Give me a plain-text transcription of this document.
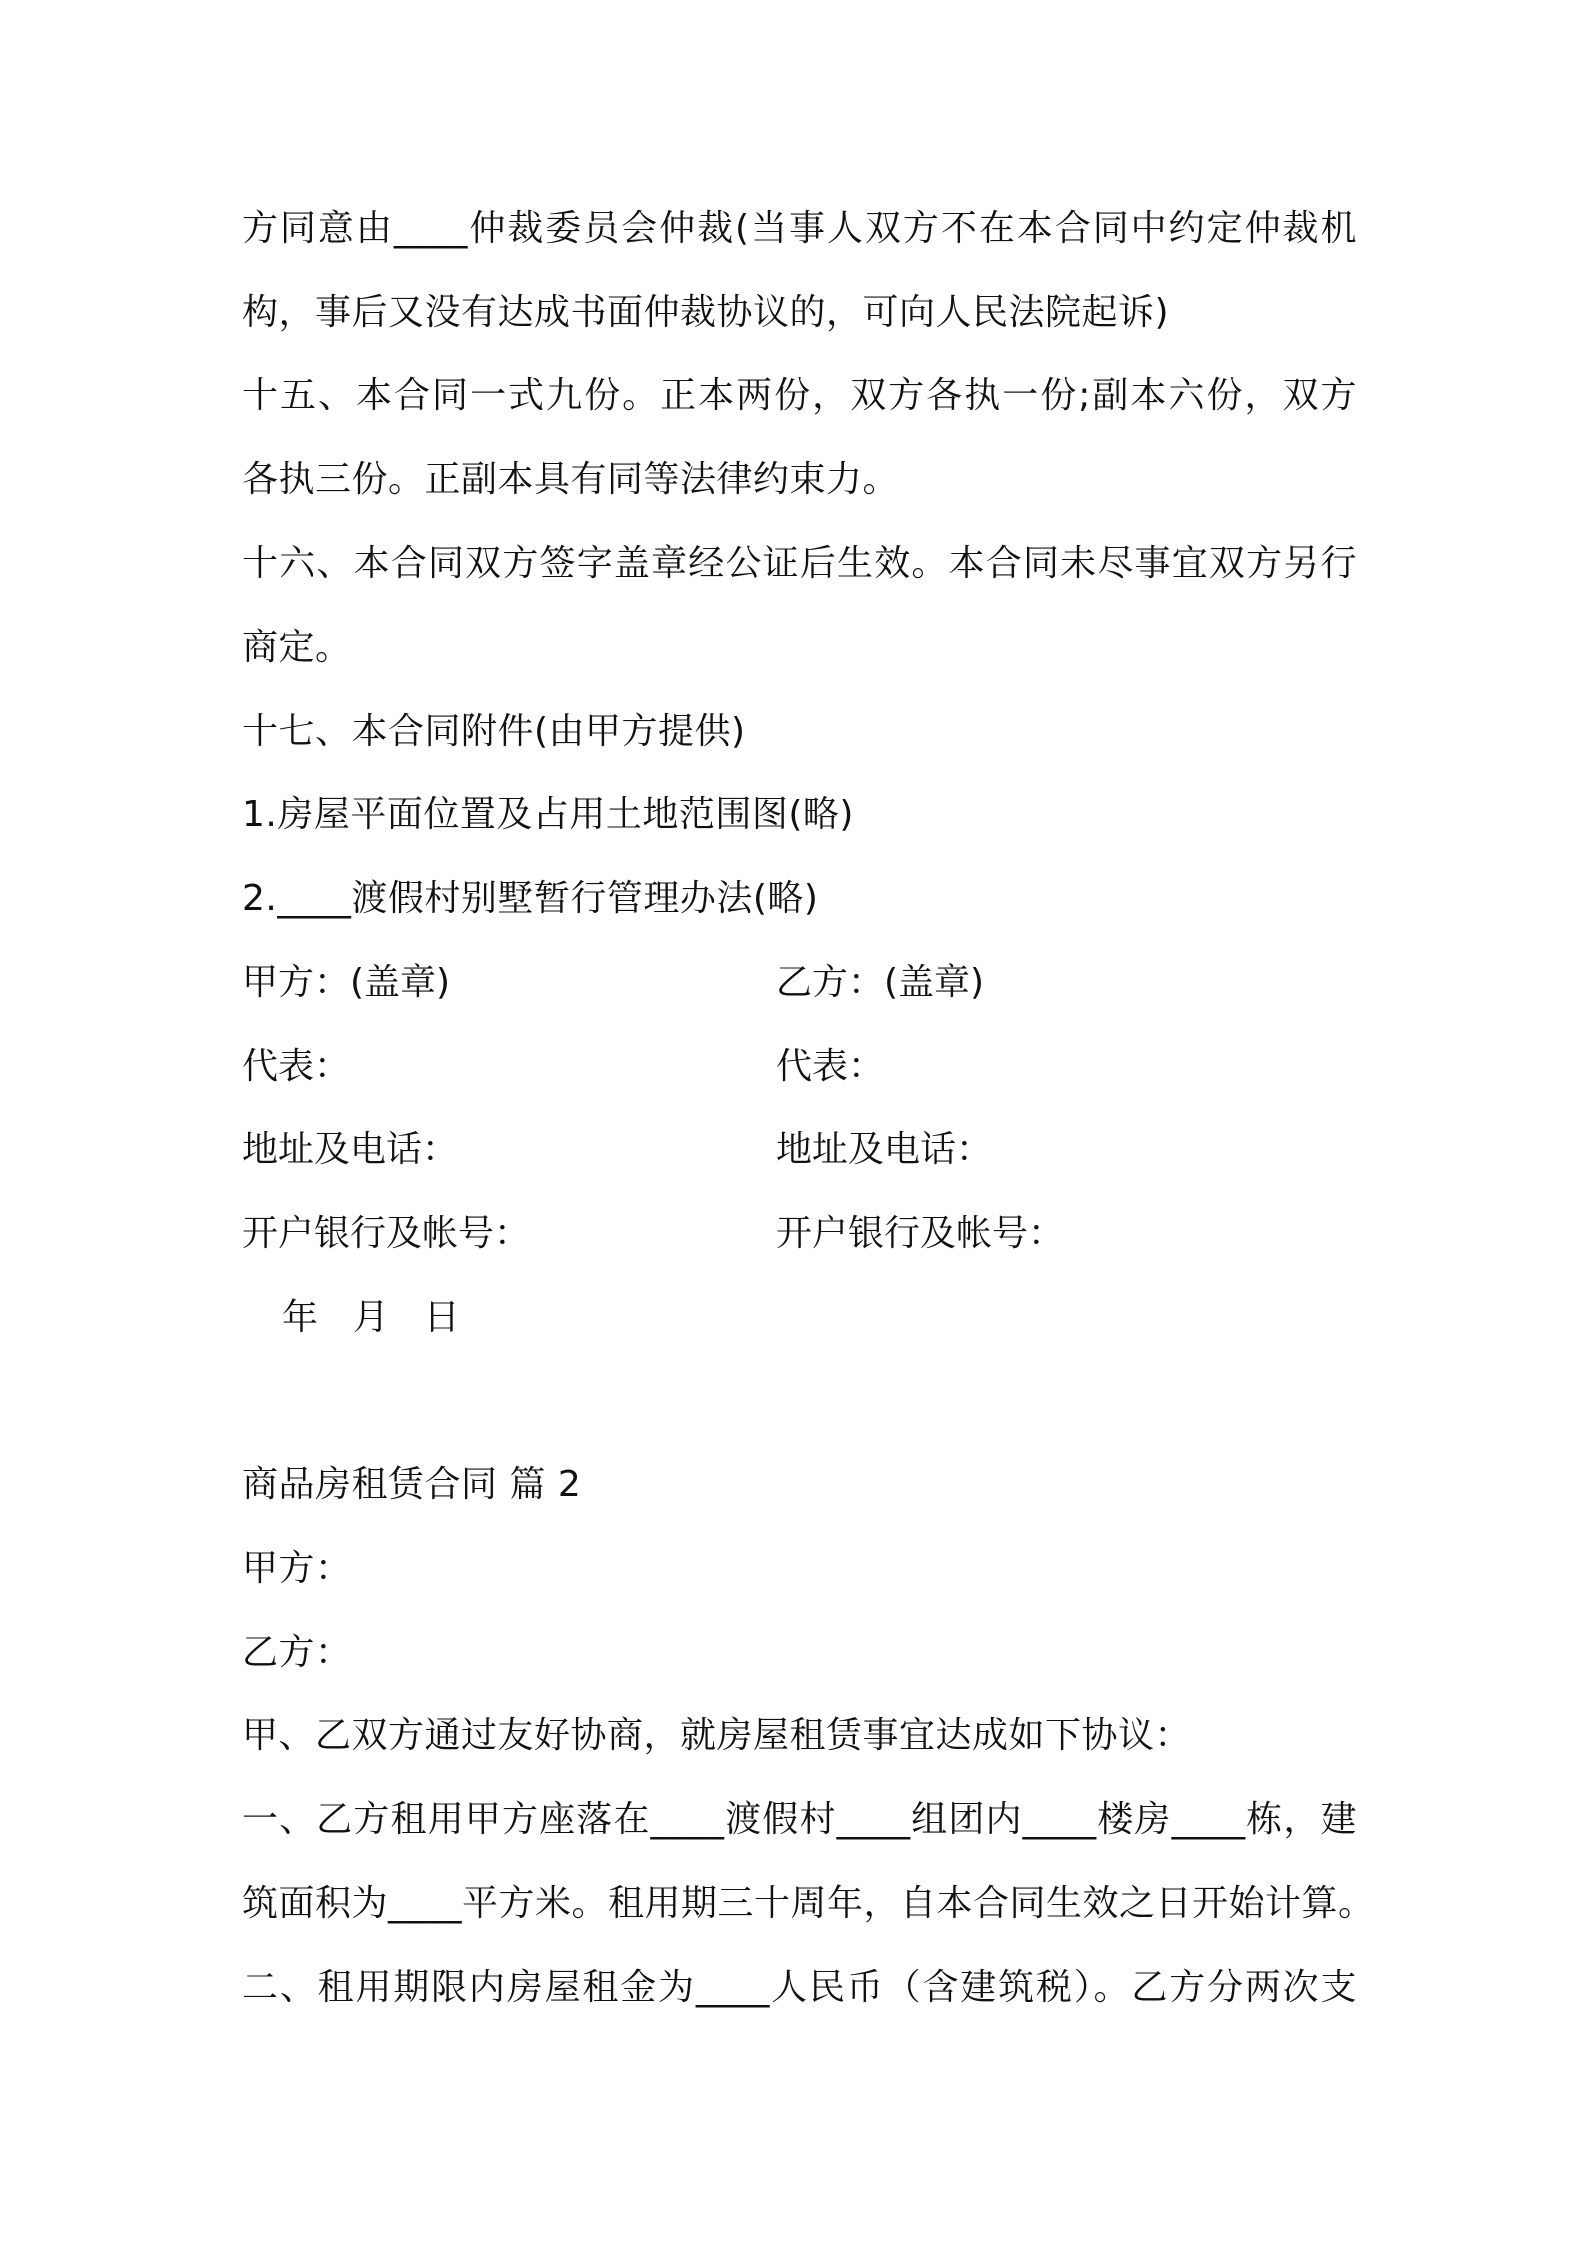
方同意由____仲裁委员会仲裁(当事人双方不在本合同中约定仲裁机
构，事后又没有达成书面仲裁协议的，可向人民法院起诉)
十五、本合同一式九份。正本两份，双方各执一份;副本六份，双方
各执三份。正副本具有同等法律约束力。
十六、本合同双方签字盖章经公证后生效。本合同未尽事宜双方另行
商定。
十七、本合同附件(由甲方提供)
1.房屋平面位置及占用土地范围图(略)
2.____渡假村别墅暂行管理办法(略)
甲方：(盖章)	乙方：(盖章)
代表：	代表：
地址及电话：	地址及电话：
开户银行及帐号：	开户银行及帐号：
年  月  日
商品房租赁合同 篇 2
甲方：
乙方：
甲、乙双方通过友好协商，就房屋租赁事宜达成如下协议：
一、乙方租用甲方座落在____渡假村____组团内____楼房____栋，建
筑面积为____平方米。租用期三十周年，自本合同生效之日开始计算。
二、租用期限内房屋租金为____人民币（含建筑税）。乙方分两次支
